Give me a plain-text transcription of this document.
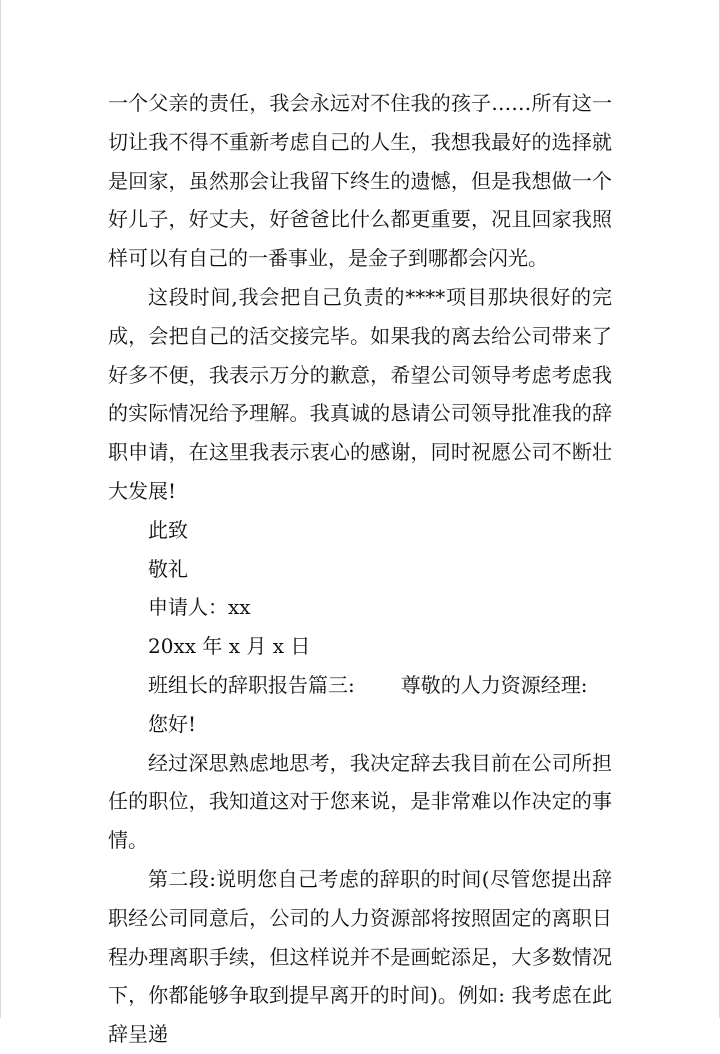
一个父亲的责任，我会永远对不住我的孩子……所有这一切让我不得不重新考虑自己的人生，我想我最好的选择就是回家，虽然那会让我留下终生的遗憾，但是我想做一个好儿子，好丈夫，好爸爸比什么都更重要，况且回家我照样可以有自己的一番事业，是金子到哪都会闪光。

这段时间,我会把自己负责的****项目那块很好的完成，会把自己的活交接完毕。如果我的离去给公司带来了好多不便，我表示万分的歉意，希望公司领导考虑考虑我的实际情况给予理解。我真诚的恳请公司领导批准我的辞职申请，在这里我表示衷心的感谢，同时祝愿公司不断壮大发展!

此致

敬礼

申请人：xx

20xx 年 x 月 x 日

班组长的辞职报告篇三: 尊敬的人力资源经理:

您好!

经过深思熟虑地思考，我决定辞去我目前在公司所担任的职位，我知道这对于您来说，是非常难以作决定的事情。

第二段:说明您自己考虑的辞职的时间(尽管您提出辞职经公司同意后，公司的人力资源部将按照固定的离职日程办理离职手续，但这样说并不是画蛇添足，大多数情况下，你都能够争取到提早离开的时间)。例如: 我考虑在此辞呈递
